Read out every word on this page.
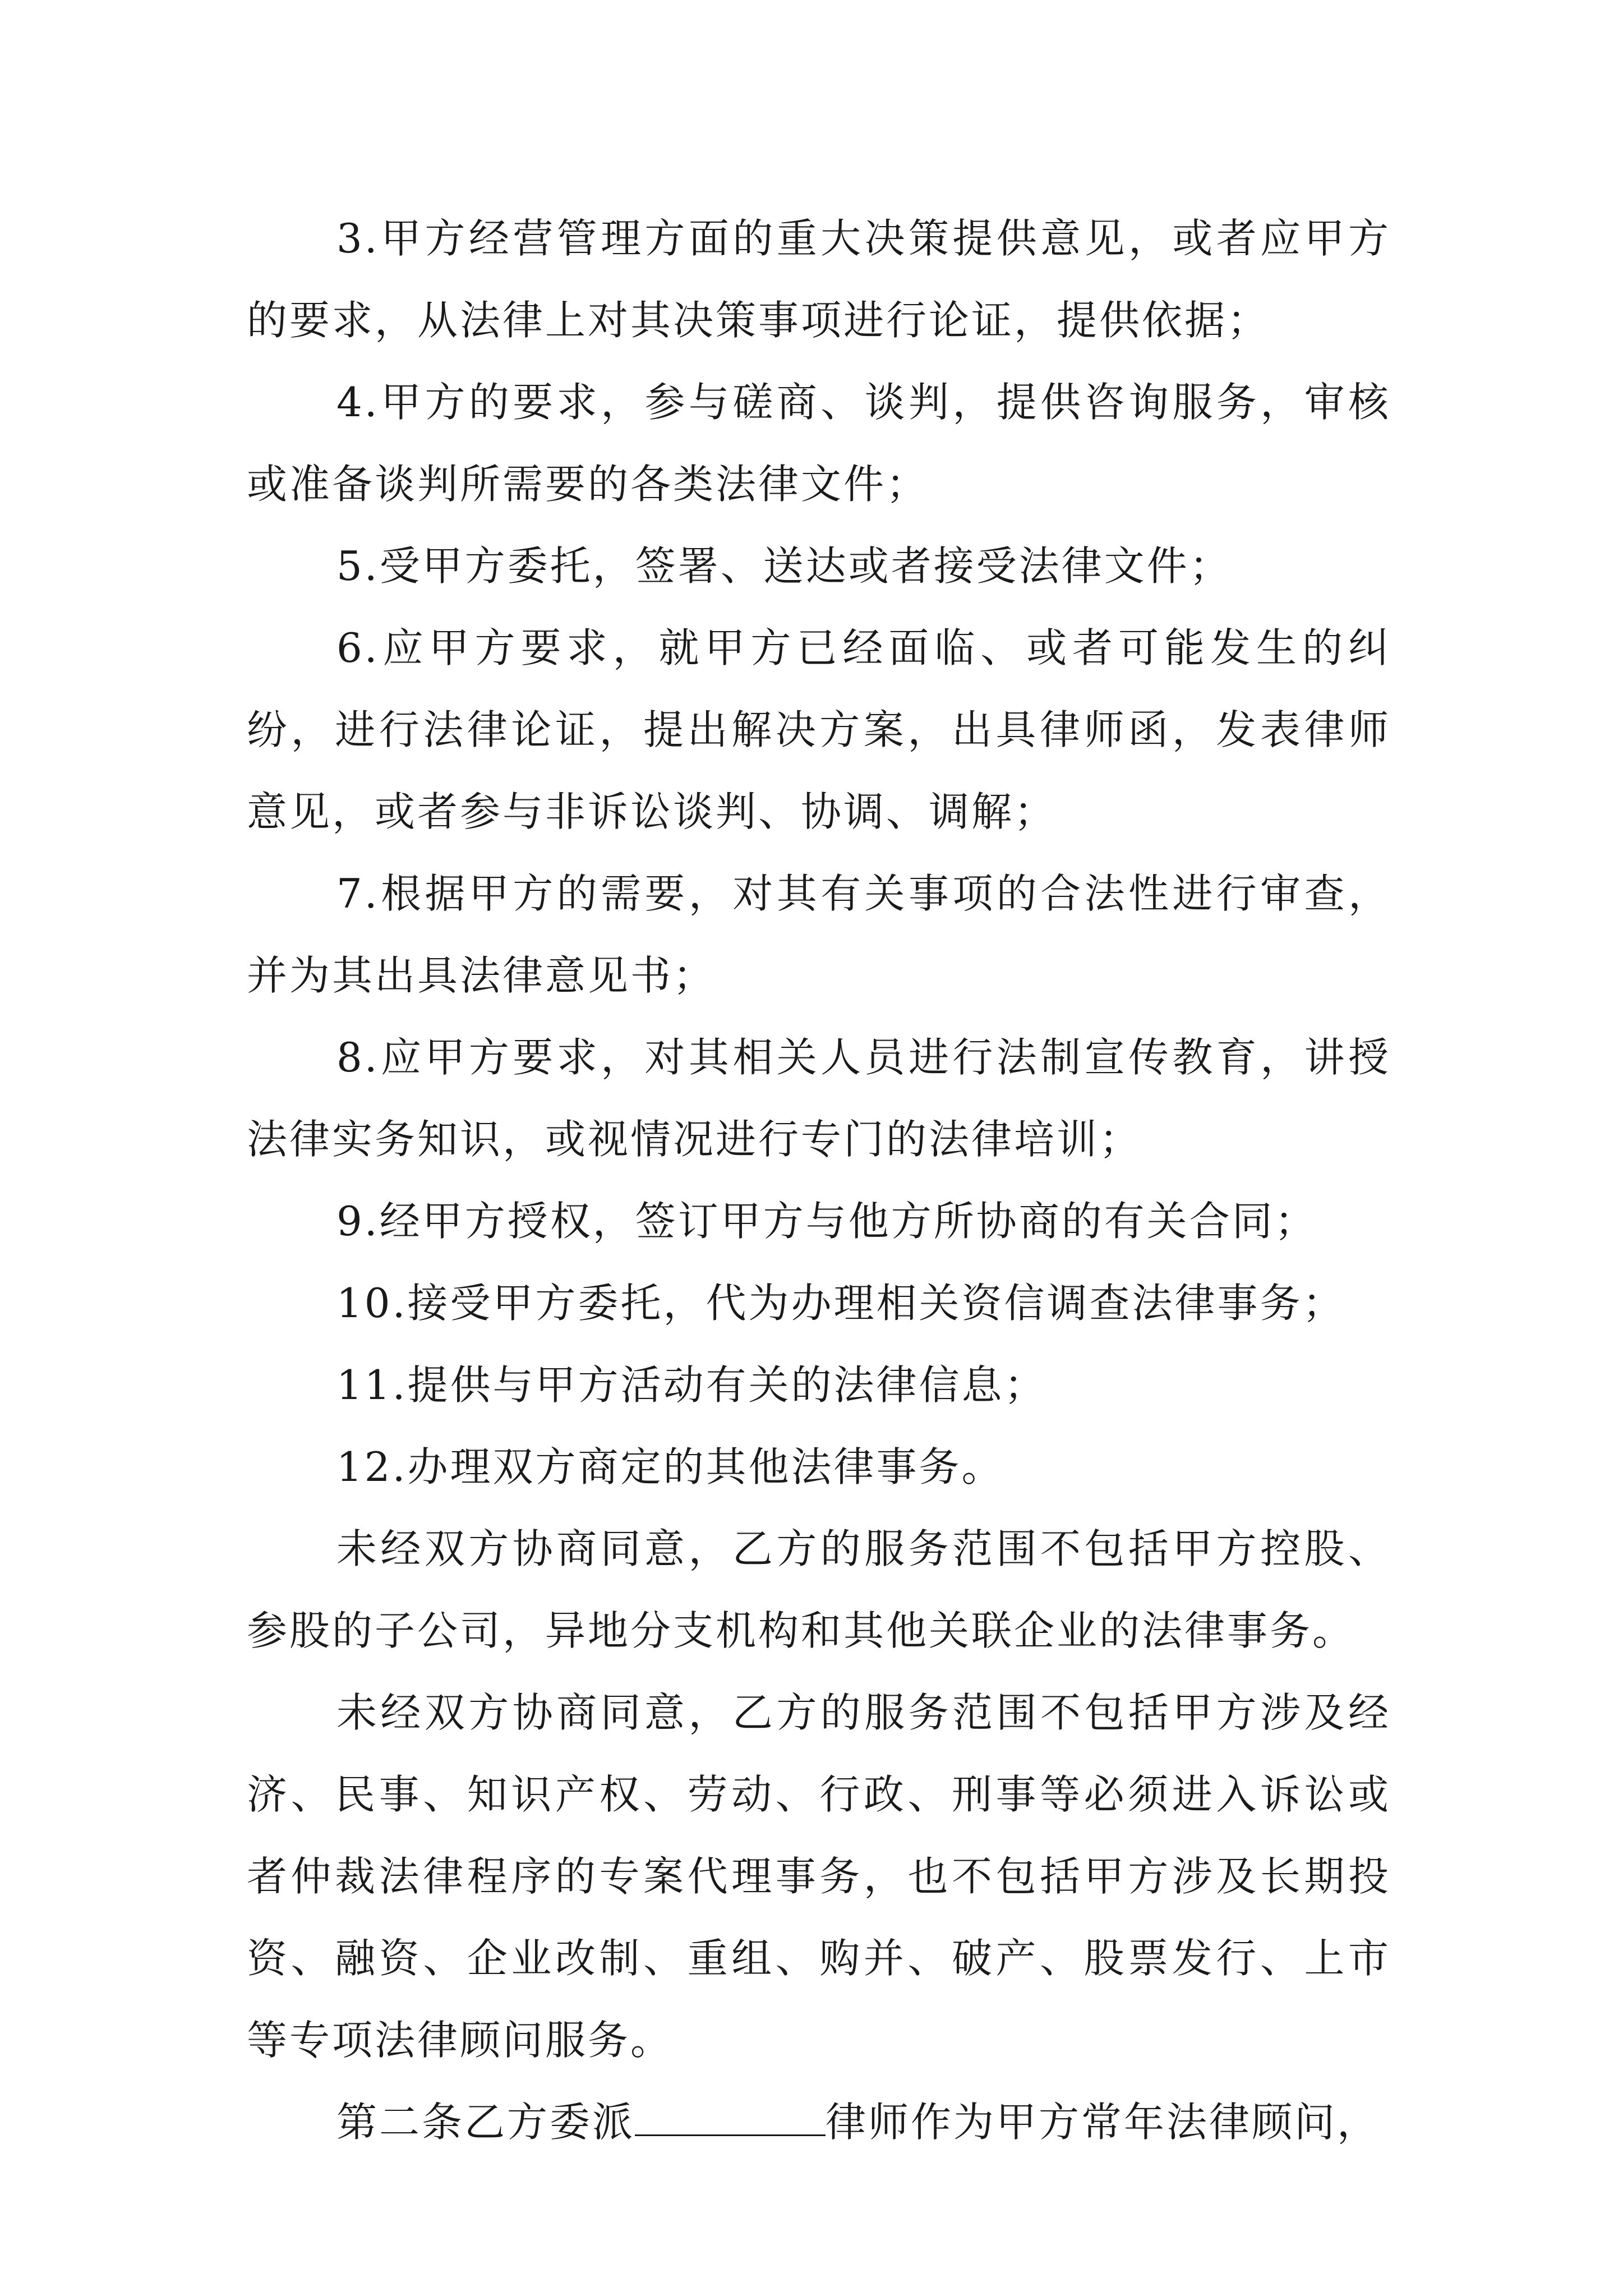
3.甲方经营管理方面的重大决策提供意见，或者应甲方的要求，从法律上对其决策事项进行论证，提供依据；

4.甲方的要求，参与磋商、谈判，提供咨询服务，审核或准备谈判所需要的各类法律文件；

5.受甲方委托，签署、送达或者接受法律文件；

6.应甲方要求，就甲方已经面临、或者可能发生的纠纷，进行法律论证，提出解决方案，出具律师函，发表律师意见，或者参与非诉讼谈判、协调、调解；

7.根据甲方的需要，对其有关事项的合法性进行审查，并为其出具法律意见书；

8.应甲方要求，对其相关人员进行法制宣传教育，讲授法律实务知识，或视情况进行专门的法律培训；

9.经甲方授权，签订甲方与他方所协商的有关合同；

10.接受甲方委托，代为办理相关资信调查法律事务；

11.提供与甲方活动有关的法律信息；

12.办理双方商定的其他法律事务。

未经双方协商同意，乙方的服务范围不包括甲方控股、参股的子公司，异地分支机构和其他关联企业的法律事务。

未经双方协商同意，乙方的服务范围不包括甲方涉及经济、民事、知识产权、劳动、行政、刑事等必须进入诉讼或者仲裁法律程序的专案代理事务，也不包括甲方涉及长期投资、融资、企业改制、重组、购并、破产、股票发行、上市等专项法律顾问服务。

第二条乙方委派	律师作为甲方常年法律顾问，
